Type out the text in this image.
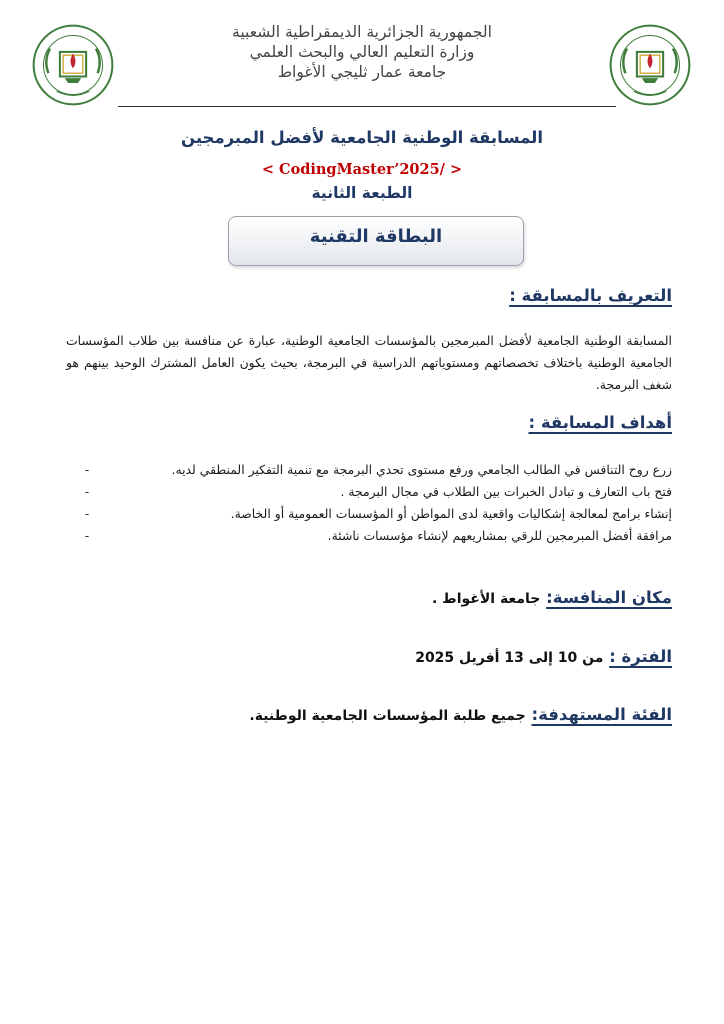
الجمهورية الجزائرية الديمقراطية الشعبية
وزارة التعليم العالي والبحث العلمي
جامعة عمار ثليجي الأغواط
المسابقة الوطنية الجامعية لأفضل المبرمجين
< CodingMaster’2025/ >
الطبعة الثانية
البطاقة التقنية
التعريف بالمسابقة :
المسابقة الوطنية الجامعية لأفضل المبرمجين بالمؤسسات الجامعية الوطنية، عبارة عن منافسة بين طلاب المؤسسات الجامعية الوطنية باختلاف تخصصاتهم ومستوياتهم الدراسية في البرمجة، بحيث يكون العامل المشترك الوحيد بينهم هو شغف البرمجة.
أهداف المسابقة :
-	زرع روح التنافس في الطالب الجامعي ورفع مستوى تحدي البرمجة مع تنمية التفكير المنطقي لديه.
-	فتح باب التعارف و تبادل الخبرات بين الطلاب في مجال البرمجة .
-	إنشاء برامج لمعالجة إشكاليات واقعية لدى المواطن أو المؤسسات العمومية أو الخاصة.
-	مرافقة أفضل المبرمجين للرقي بمشاريعهم لإنشاء مؤسسات ناشئة.
مكان المنافسة: جامعة الأغواط .
الفترة : من 10 إلى 13 أفريل 2025
الفئة المستهدفة: جميع طلبة المؤسسات الجامعية الوطنية.
